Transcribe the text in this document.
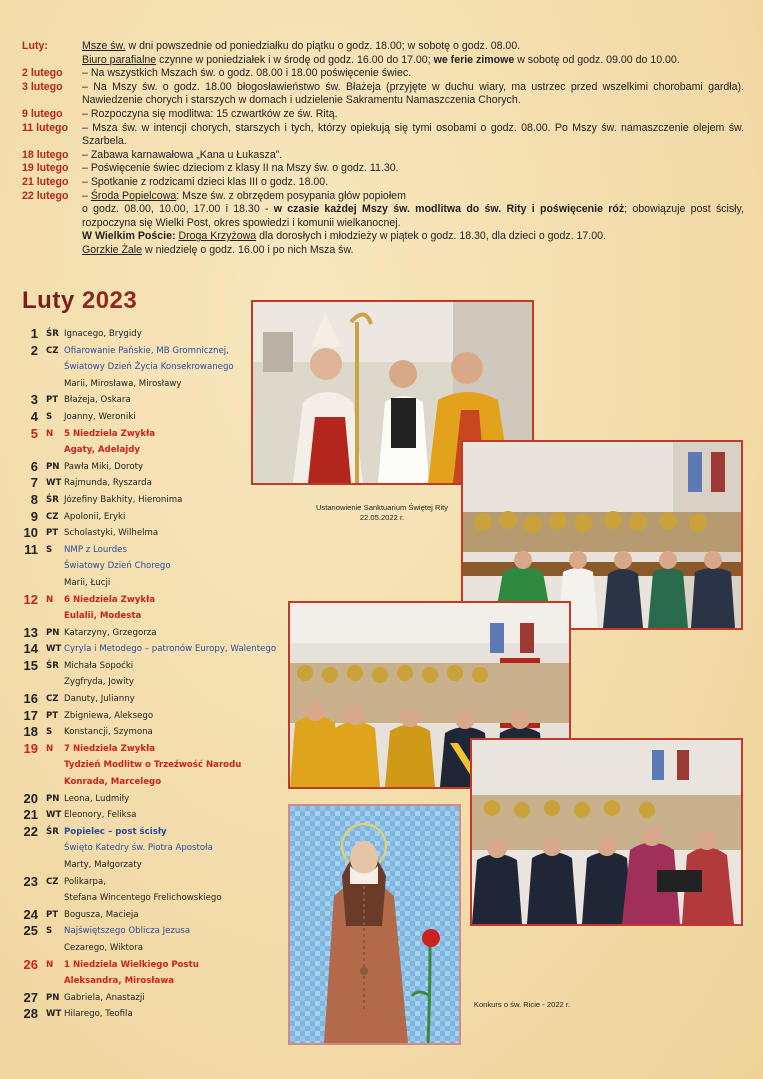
Luty:	Msze św. w dni powszednie od poniedziałku do piątku o godz. 18.00; w sobotę o godz. 08.00.
Biuro parafialne czynne w poniedziałek i w środę od godz. 16.00 do 17.00; we ferie zimowe w sobotę od godz. 09.00 do 10.00.
2 lutego	– Na wszystkich Mszach św. o godz. 08.00 i 18.00 poświęcenie świec.
3 lutego	– Na Mszy św. o godz. 18.00 błogosławieństwo św. Błażeja (przyjęte w duchu wiary, ma ustrzec przed wszelkimi chorobami gardła). Nawiedzenie chorych i starszych w domach i udzielenie Sakramentu Namaszczenia Chorych.
9 lutego	– Rozpoczyna się modlitwa: 15 czwartków ze św. Ritą.
11 lutego	– Msza św. w intencji chorych, starszych i tych, którzy opiekują się tymi osobami o godz. 08.00. Po Mszy św. namaszczenie olejem św. Szarbela.
18 lutego	– Zabawa karnawałowa „Kana u Łukasza”.
19 lutego	– Poświęcenie świec dzieciom z klasy II na Mszy św. o godz. 11.30.
21 lutego	– Spotkanie z rodzicami dzieci klas III o godz. 18.00.
22 lutego	– Środa Popielcowa: Msze św. z obrzędem posypania głów popiołem
o godz. 08.00, 10.00, 17.00 i 18.30 - w czasie każdej Mszy św. modlitwa do św. Rity i poświęcenie róż; obowiązuje post ścisły, rozpoczyna się Wielki Post, okres spowiedzi i komunii wielkanocnej.
W Wielkim Poście: Droga Krzyżowa dla dorosłych i młodzieży w piątek o godz. 18.30, dla dzieci o godz. 17.00.
Gorzkie Żale w niedzielę o godz. 16.00 i po nich Msza św.
Luty 2023
1 ŚR Ignacego, Brygidy
2 CZ Ofiarowanie Pańskie, MB Gromnicznej,
Światowy Dzień Życia Konsekrowanego
Marii, Mirosława, Mirosławy
3 PT Błażeja, Oskara
4 S Joanny, Weroniki
5 N 5 Niedziela Zwykła
Agaty, Adelajdy
6 PN Pawła Miki, Doroty
7 WT Rajmunda, Ryszarda
8 ŚR Józefiny Bakhity, Hieronima
9 CZ Apolonii, Eryki
10 PT Scholastyki, Wilhelma
11 S NMP z Lourdes
Światowy Dzień Chorego
Marii, Łucji
12 N 6 Niedziela Zwykła
Eulalii, Modesta
13 PN Katarzyny, Grzegorza
14 WT Cyryla i Metodego – patronów Europy, Walentego
15 ŚR Michała Sopoćki
Zygfryda, Jowity
16 CZ Danuty, Julianny
17 PT Zbigniewa, Aleksego
18 S Konstancji, Szymona
19 N 7 Niedziela Zwykła
Tydzień Modlitw o Trzeźwość Narodu
Konrada, Marcelego
20 PN Leona, Ludmiły
21 WT Eleonory, Feliksa
22 ŚR Popielec – post ścisły
Święto Katedry św. Piotra Apostoła
Marty, Małgorzaty
23 CZ Polikarpa,
Stefana Wincentego Frelichowskiego
24 PT Bogusza, Macieja
25 S Najświętszego Oblicza Jezusa
Cezarego, Wiktora
26 N 1 Niedziela Wielkiego Postu
Aleksandra, Mirosława
27 PN Gabriela, Anastazji
28 WT Hilarego, Teofila
Ustanowienie Sanktuarium Świętej Rity
22.05.2022 r.
Konkurs o św. Ricie - 2022 r.
